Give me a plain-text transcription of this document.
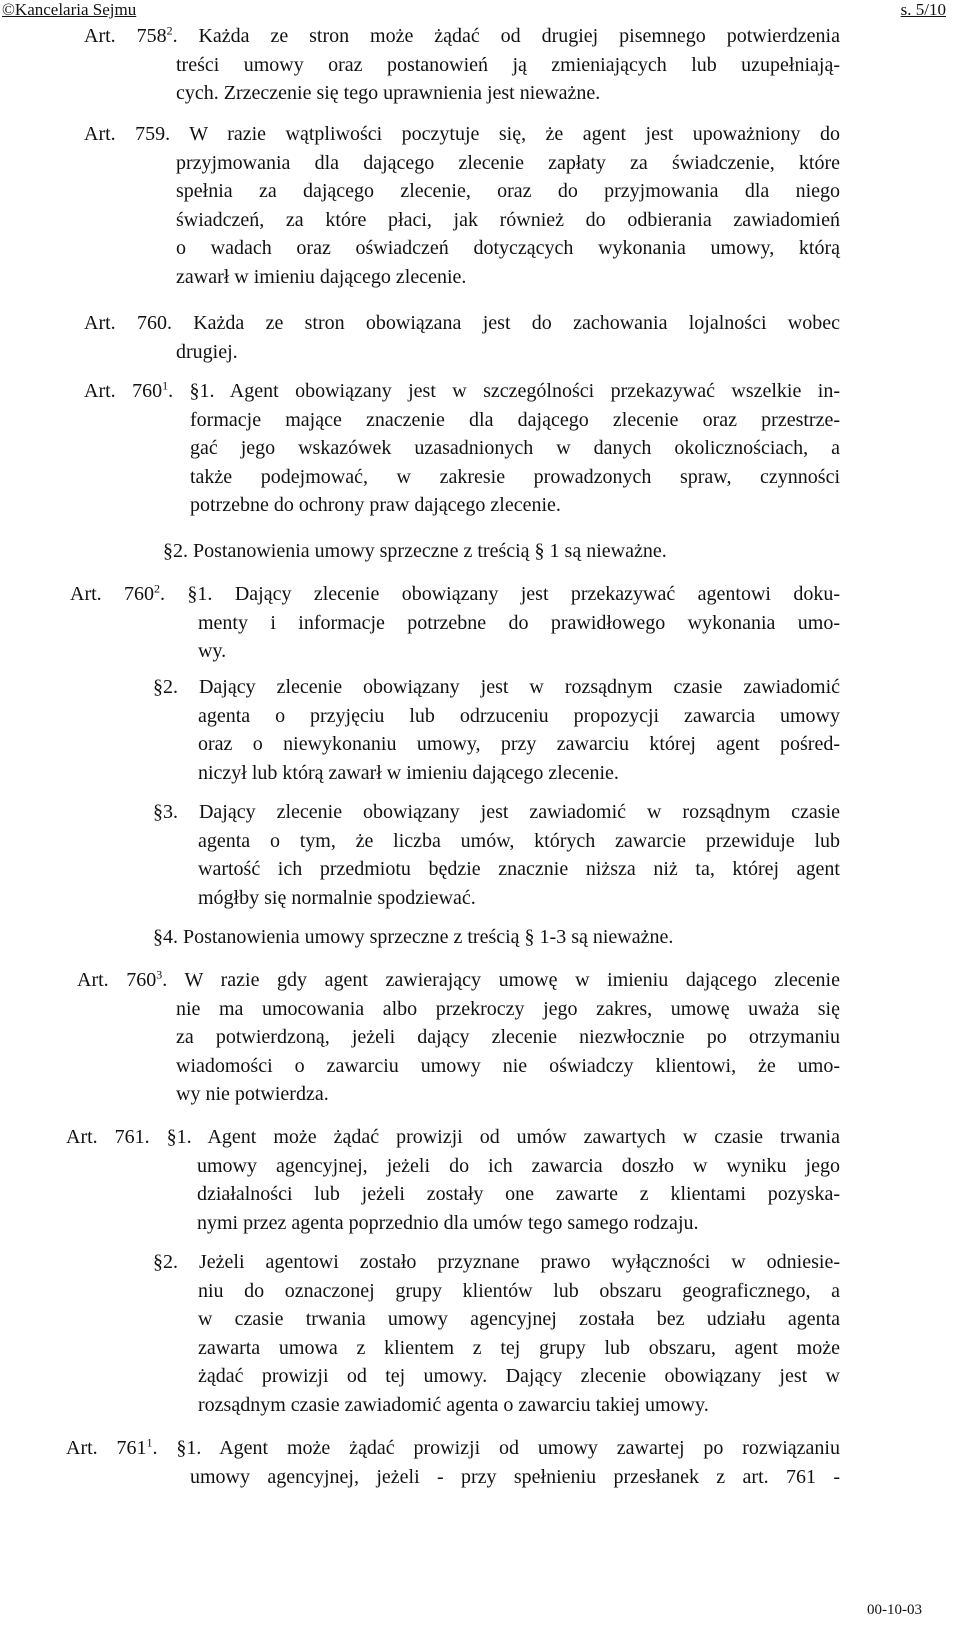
©Kancelaria Sejmu	s. 5/10
Art. $758^2$. Każda ze stron może żądać od drugiej pisemnego potwierdzenia
treści umowy oraz postanowień ją zmieniających lub uzupełniają-
cych. Zrzeczenie się tego uprawnienia jest nieważne.
Art. 759. W razie wątpliwości poczytuje się, że agent jest upoważniony do
przyjmowania dla dającego zlecenie zapłaty za świadczenie, które
spełnia za dającego zlecenie, oraz do przyjmowania dla niego
świadczeń, za które płaci, jak również do odbierania zawiadomień
o wadach oraz oświadczeń dotyczących wykonania umowy, którą
zawarł w imieniu dającego zlecenie.
Art. 760. Każda ze stron obowiązana jest do zachowania lojalności wobec
drugiej.
Art. $760^1$. §1. Agent obowiązany jest w szczególności przekazywać wszelkie in-
formacje mające znaczenie dla dającego zlecenie oraz przestrze-
gać jego wskazówek uzasadnionych w danych okolicznościach, a
także podejmować, w zakresie prowadzonych spraw, czynności
potrzebne do ochrony praw dającego zlecenie.
§2. Postanowienia umowy sprzeczne z treścią § 1 są nieważne.
Art. $760^2$. §1. Dający zlecenie obowiązany jest przekazywać agentowi doku-
menty i informacje potrzebne do prawidłowego wykonania umo-
wy.
§2. Dający zlecenie obowiązany jest w rozsądnym czasie zawiadomić
agenta o przyjęciu lub odrzuceniu propozycji zawarcia umowy
oraz o niewykonaniu umowy, przy zawarciu której agent pośred-
niczył lub którą zawarł w imieniu dającego zlecenie.
§3. Dający zlecenie obowiązany jest zawiadomić w rozsądnym czasie
agenta o tym, że liczba umów, których zawarcie przewiduje lub
wartość ich przedmiotu będzie znacznie niższa niż ta, której agent
mógłby się normalnie spodziewać.
§4. Postanowienia umowy sprzeczne z treścią § 1-3 są nieważne.
Art. $760^3$. W razie gdy agent zawierający umowę w imieniu dającego zlecenie
nie ma umocowania albo przekroczy jego zakres, umowę uważa się
za potwierdzoną, jeżeli dający zlecenie niezwłocznie po otrzymaniu
wiadomości o zawarciu umowy nie oświadczy klientowi, że umo-
wy nie potwierdza.
Art. 761. §1. Agent może żądać prowizji od umów zawartych w czasie trwania
umowy agencyjnej, jeżeli do ich zawarcia doszło w wyniku jego
działalności lub jeżeli zostały one zawarte z klientami pozyska-
nymi przez agenta poprzednio dla umów tego samego rodzaju.
§2. Jeżeli agentowi zostało przyznane prawo wyłączności w odniesie-
niu do oznaczonej grupy klientów lub obszaru geograficznego, a
w czasie trwania umowy agencyjnej została bez udziału agenta
zawarta umowa z klientem z tej grupy lub obszaru, agent może
żądać prowizji od tej umowy. Dający zlecenie obowiązany jest w
rozsądnym czasie zawiadomić agenta o zawarciu takiej umowy.
Art. $761^1$. §1. Agent może żądać prowizji od umowy zawartej po rozwiązaniu
umowy agencyjnej, jeżeli - przy spełnieniu przesłanek z art. 761 -
00-10-03
